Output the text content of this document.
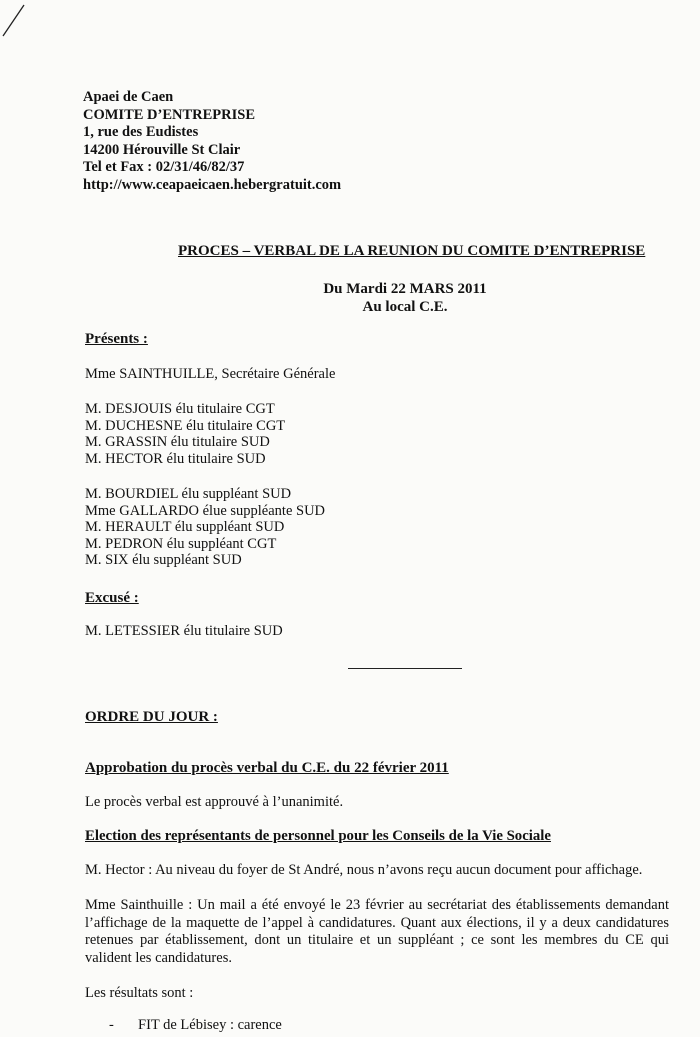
Apaei de Caen
COMITE D’ENTREPRISE
1, rue des Eudistes
14200 Hérouville St Clair
Tel et Fax : 02/31/46/82/37
http://www.ceapaeicaen.hebergratuit.com
PROCES – VERBAL DE LA REUNION DU COMITE D’ENTREPRISE
Du Mardi 22 MARS 2011
Au local C.E.
Présents :
Mme SAINTHUILLE, Secrétaire Générale
M. DESJOUIS élu titulaire CGT
M. DUCHESNE élu titulaire CGT
M. GRASSIN élu titulaire SUD
M. HECTOR élu titulaire SUD
M. BOURDIEL élu suppléant SUD
Mme GALLARDO élue suppléante SUD
M. HERAULT élu suppléant SUD
M. PEDRON élu suppléant CGT
M. SIX élu suppléant SUD
Excusé :
M. LETESSIER élu titulaire SUD
ORDRE DU JOUR :
Approbation du procès verbal du C.E. du 22 février 2011
Le procès verbal est approuvé à l’unanimité.
Election des représentants de personnel pour les Conseils de la Vie Sociale
M. Hector : Au niveau du foyer de St André, nous n’avons reçu aucun document pour affichage.
Mme Sainthuille : Un mail a été envoyé le 23 février au secrétariat des établissements demandant l’affichage de la maquette de l’appel à candidatures. Quant aux élections, il y a deux candidatures retenues par établissement, dont un titulaire et un suppléant ; ce sont les membres du CE qui valident les candidatures.
Les résultats sont :
- FIT de Lébisey : carence
